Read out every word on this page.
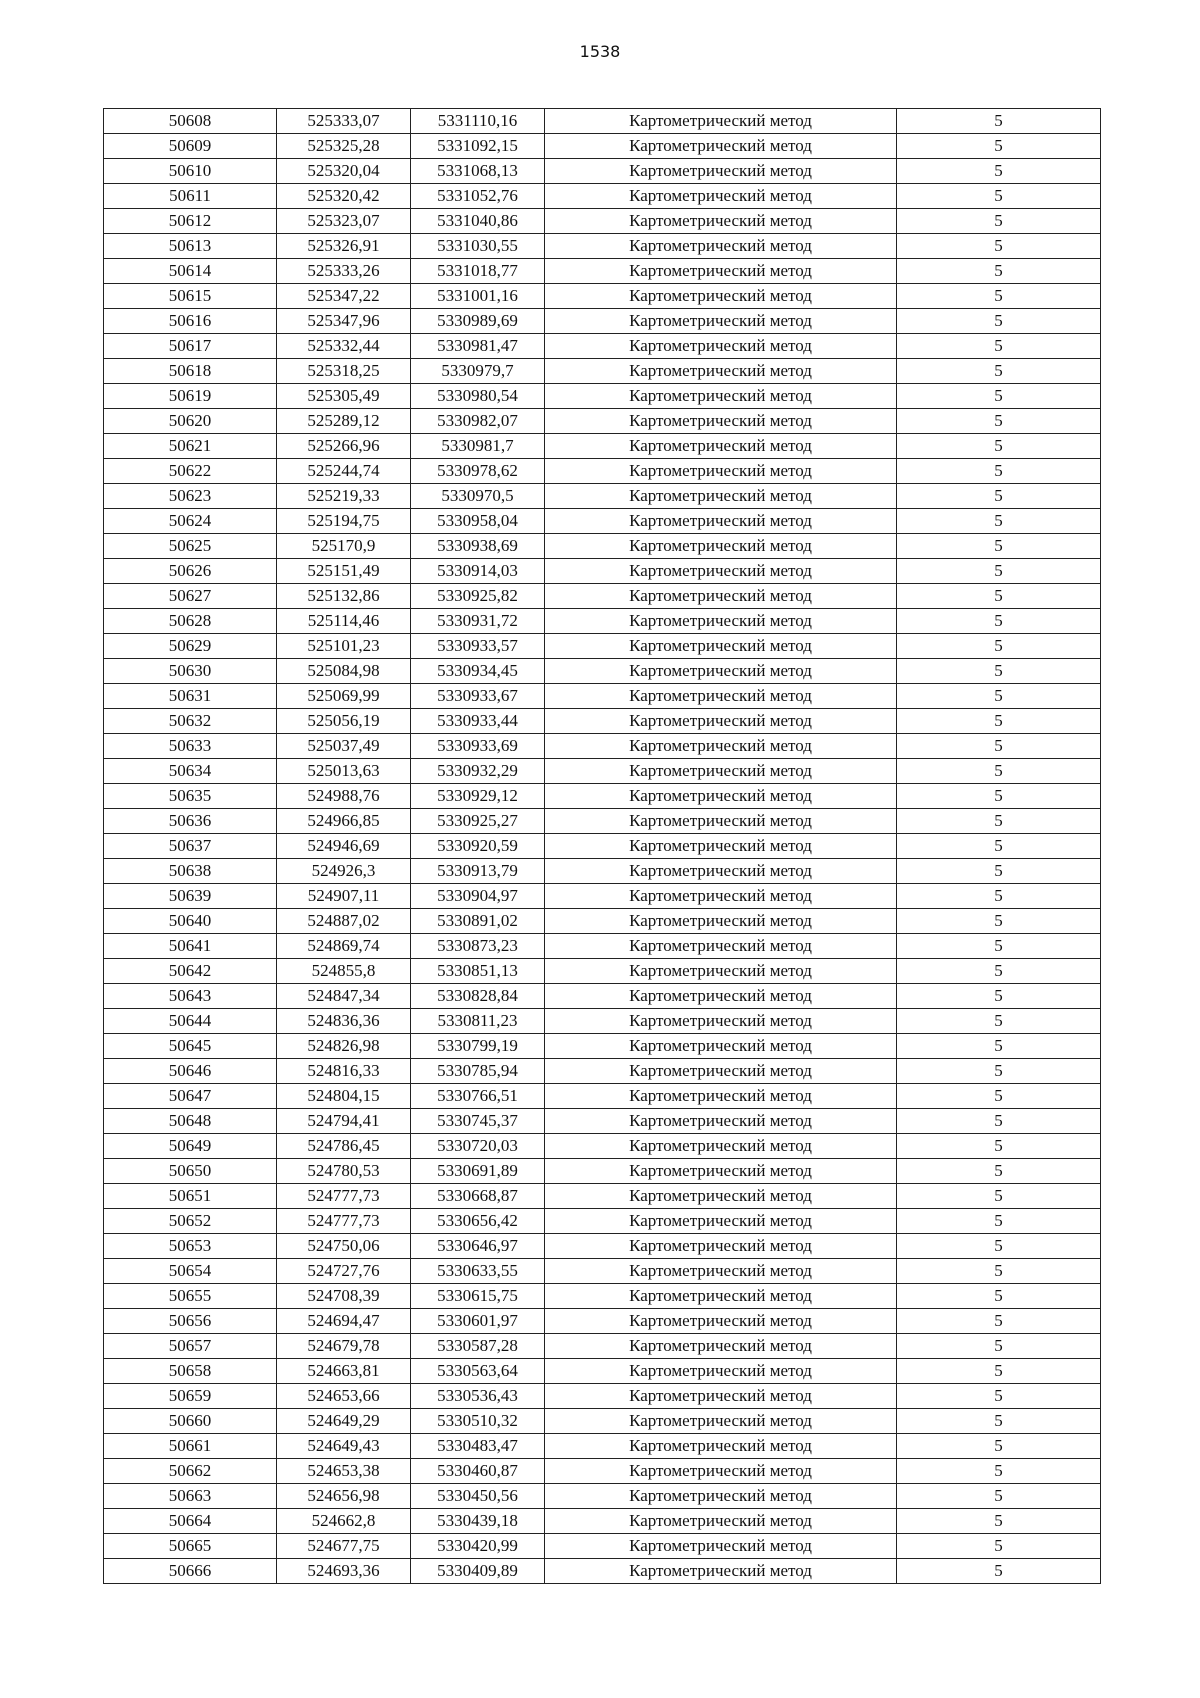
1538
50608	525333,07	5331110,16	Картометрический метод	5
50609	525325,28	5331092,15	Картометрический метод	5
50610	525320,04	5331068,13	Картометрический метод	5
50611	525320,42	5331052,76	Картометрический метод	5
50612	525323,07	5331040,86	Картометрический метод	5
50613	525326,91	5331030,55	Картометрический метод	5
50614	525333,26	5331018,77	Картометрический метод	5
50615	525347,22	5331001,16	Картометрический метод	5
50616	525347,96	5330989,69	Картометрический метод	5
50617	525332,44	5330981,47	Картометрический метод	5
50618	525318,25	5330979,7	Картометрический метод	5
50619	525305,49	5330980,54	Картометрический метод	5
50620	525289,12	5330982,07	Картометрический метод	5
50621	525266,96	5330981,7	Картометрический метод	5
50622	525244,74	5330978,62	Картометрический метод	5
50623	525219,33	5330970,5	Картометрический метод	5
50624	525194,75	5330958,04	Картометрический метод	5
50625	525170,9	5330938,69	Картометрический метод	5
50626	525151,49	5330914,03	Картометрический метод	5
50627	525132,86	5330925,82	Картометрический метод	5
50628	525114,46	5330931,72	Картометрический метод	5
50629	525101,23	5330933,57	Картометрический метод	5
50630	525084,98	5330934,45	Картометрический метод	5
50631	525069,99	5330933,67	Картометрический метод	5
50632	525056,19	5330933,44	Картометрический метод	5
50633	525037,49	5330933,69	Картометрический метод	5
50634	525013,63	5330932,29	Картометрический метод	5
50635	524988,76	5330929,12	Картометрический метод	5
50636	524966,85	5330925,27	Картометрический метод	5
50637	524946,69	5330920,59	Картометрический метод	5
50638	524926,3	5330913,79	Картометрический метод	5
50639	524907,11	5330904,97	Картометрический метод	5
50640	524887,02	5330891,02	Картометрический метод	5
50641	524869,74	5330873,23	Картометрический метод	5
50642	524855,8	5330851,13	Картометрический метод	5
50643	524847,34	5330828,84	Картометрический метод	5
50644	524836,36	5330811,23	Картометрический метод	5
50645	524826,98	5330799,19	Картометрический метод	5
50646	524816,33	5330785,94	Картометрический метод	5
50647	524804,15	5330766,51	Картометрический метод	5
50648	524794,41	5330745,37	Картометрический метод	5
50649	524786,45	5330720,03	Картометрический метод	5
50650	524780,53	5330691,89	Картометрический метод	5
50651	524777,73	5330668,87	Картометрический метод	5
50652	524777,73	5330656,42	Картометрический метод	5
50653	524750,06	5330646,97	Картометрический метод	5
50654	524727,76	5330633,55	Картометрический метод	5
50655	524708,39	5330615,75	Картометрический метод	5
50656	524694,47	5330601,97	Картометрический метод	5
50657	524679,78	5330587,28	Картометрический метод	5
50658	524663,81	5330563,64	Картометрический метод	5
50659	524653,66	5330536,43	Картометрический метод	5
50660	524649,29	5330510,32	Картометрический метод	5
50661	524649,43	5330483,47	Картометрический метод	5
50662	524653,38	5330460,87	Картометрический метод	5
50663	524656,98	5330450,56	Картометрический метод	5
50664	524662,8	5330439,18	Картометрический метод	5
50665	524677,75	5330420,99	Картометрический метод	5
50666	524693,36	5330409,89	Картометрический метод	5
